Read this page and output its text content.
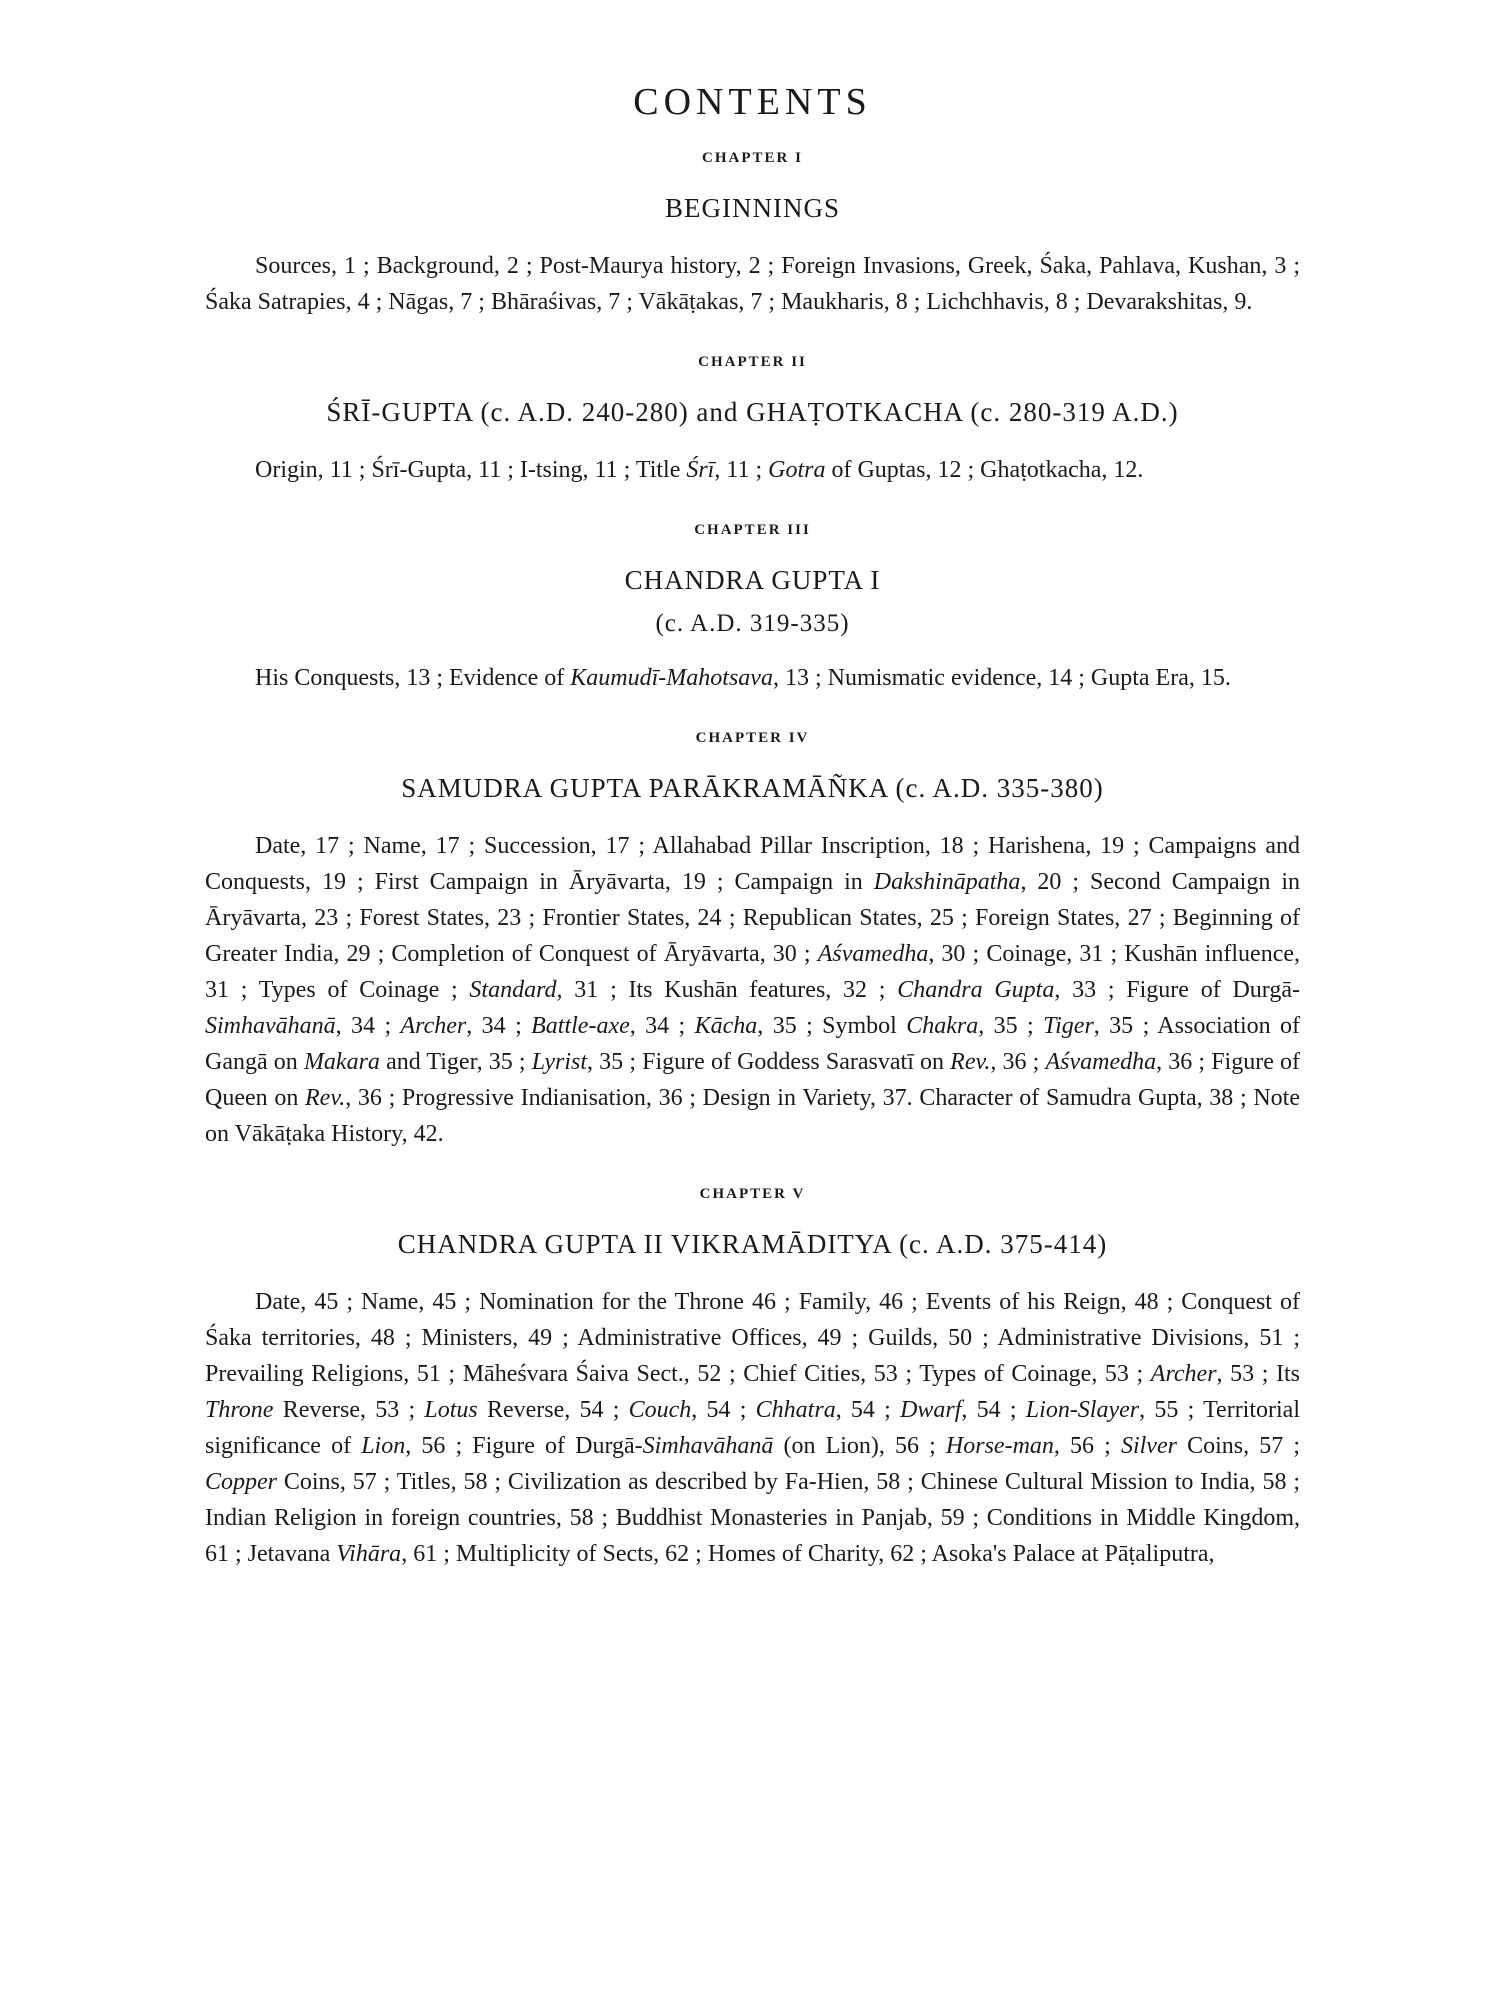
CONTENTS
CHAPTER I
BEGINNINGS

Sources, 1 ; Background, 2 ; Post-Maurya history, 2 ; Foreign Invasions, Greek, Śaka, Pahlava, Kushan, 3 ; Śaka Satrapies, 4 ; Nāgas, 7 ; Bhāraśivas, 7 ; Vākāṭakas, 7 ; Maukharis, 8 ; Lichchhavis, 8 ; Devarakshitas, 9.

CHAPTER II
ŚRĪ-GUPTA (c. A.D. 240-280) and GHAṬOTKACHA (c. 280-319 A.D.)

Origin, 11 ; Śrī-Gupta, 11 ; I-tsing, 11 ; Title Śrī, 11 ; Gotra of Guptas, 12 ; Ghaṭotkacha, 12.

CHAPTER III
CHANDRA GUPTA I
(c. A.D. 319-335)

His Conquests, 13 ; Evidence of Kaumudī-Mahotsava, 13 ; Numismatic evidence, 14 ; Gupta Era, 15.

CHAPTER IV
SAMUDRA GUPTA PARĀKRAMĀÑKA (c. A.D. 335-380)

Date, 17 ; Name, 17 ; Succession, 17 ; Allahabad Pillar Inscription, 18 ; Harishena, 19 ; Campaigns and Conquests, 19 ; First Campaign in Āryāvarta, 19 ; Campaign in Dakshināpatha, 20 ; Second Campaign in Āryāvarta, 23 ; Forest States, 23 ; Frontier States, 24 ; Republican States, 25 ; Foreign States, 27 ; Beginning of Greater India, 29 ; Completion of Conquest of Āryāvarta, 30 ; Aśvamedha, 30 ; Coinage, 31 ; Kushān influence, 31 ; Types of Coinage ; Standard, 31 ; Its Kushān features, 32 ; Chandra Gupta, 33 ; Figure of Durgā-Simhavāhanā, 34 ; Archer, 34 ; Battle-axe, 34 ; Kācha, 35 ; Symbol Chakra, 35 ; Tiger, 35 ; Association of Gangā on Makara and Tiger, 35 ; Lyrist, 35 ; Figure of Goddess Sarasvatī on Rev., 36 ; Aśvamedha, 36 ; Figure of Queen on Rev., 36 ; Progressive Indianisation, 36 ; Design in Variety, 37. Character of Samudra Gupta, 38 ; Note on Vākāṭaka History, 42.

CHAPTER V
CHANDRA GUPTA II VIKRAMĀDITYA (c. A.D. 375-414)

Date, 45 ; Name, 45 ; Nomination for the Throne 46 ; Family, 46 ; Events of his Reign, 48 ; Conquest of Śaka territories, 48 ; Ministers, 49 ; Administrative Offices, 49 ; Guilds, 50 ; Administrative Divisions, 51 ; Prevailing Religions, 51 ; Māheśvara Śaiva Sect., 52 ; Chief Cities, 53 ; Types of Coinage, 53 ; Archer, 53 ; Its Throne Reverse, 53 ; Lotus Reverse, 54 ; Couch, 54 ; Chhatra, 54 ; Dwarf, 54 ; Lion-Slayer, 55 ; Territorial significance of Lion, 56 ; Figure of Durgā-Simhavāhanā (on Lion), 56 ; Horse-man, 56 ; Silver Coins, 57 ; Copper Coins, 57 ; Titles, 58 ; Civilization as described by Fa-Hien, 58 ; Chinese Cultural Mission to India, 58 ; Indian Religion in foreign countries, 58 ; Buddhist Monasteries in Panjab, 59 ; Conditions in Middle Kingdom, 61 ; Jetavana Vihāra, 61 ; Multiplicity of Sects, 62 ; Homes of Charity, 62 ; Asoka's Palace at Pāṭaliputra,
